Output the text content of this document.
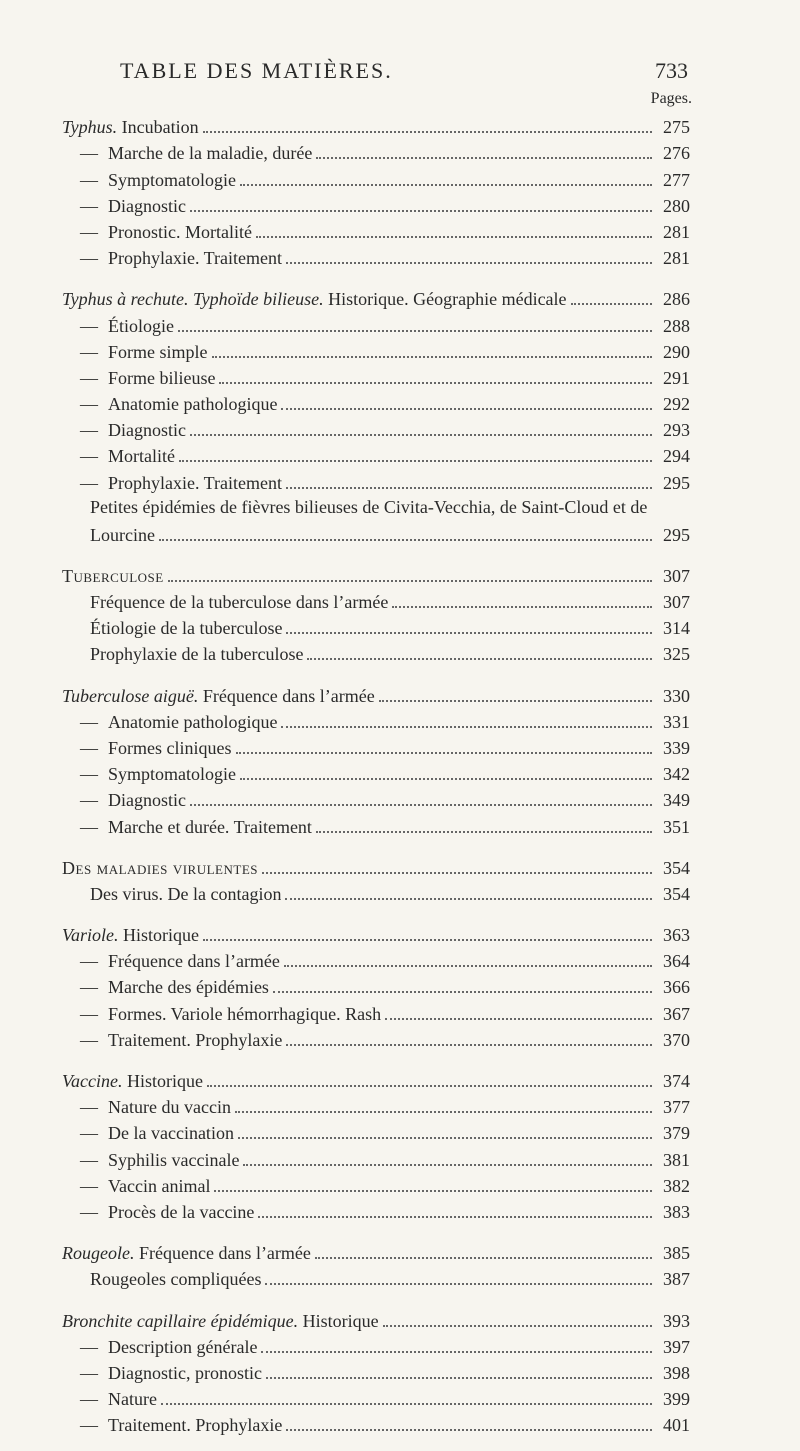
TABLE DES MATIÈRES.	733
Pages.
Typhus. Incubation	275
— Marche de la maladie, durée	276
— Symptomatologie	277
— Diagnostic	280
— Pronostic. Mortalité	281
— Prophylaxie. Traitement	281
Typhus à rechute. Typhoïde bilieuse. Historique. Géographie médicale	286
— Étiologie	288
— Forme simple	290
— Forme bilieuse	291
— Anatomie pathologique	292
— Diagnostic	293
— Mortalité	294
— Prophylaxie. Traitement	295
Petites épidémies de fièvres bilieuses de Civita-Vecchia, de Saint-Cloud et de
Lourcine	295
Tuberculose	307
Fréquence de la tuberculose dans l’armée	307
Étiologie de la tuberculose	314
Prophylaxie de la tuberculose	325
Tuberculose aiguë. Fréquence dans l’armée	330
— Anatomie pathologique	331
— Formes cliniques	339
— Symptomatologie	342
— Diagnostic	349
— Marche et durée. Traitement	351
Des maladies virulentes	354
Des virus. De la contagion	354
Variole. Historique	363
— Fréquence dans l’armée	364
— Marche des épidémies	366
— Formes. Variole hémorrhagique. Rash	367
— Traitement. Prophylaxie	370
Vaccine. Historique	374
— Nature du vaccin	377
— De la vaccination	379
— Syphilis vaccinale	381
— Vaccin animal	382
— Procès de la vaccine	383
Rougeole. Fréquence dans l’armée	385
Rougeoles compliquées	387
Bronchite capillaire épidémique. Historique	393
— Description générale	397
— Diagnostic, pronostic	398
— Nature	399
— Traitement. Prophylaxie	401
